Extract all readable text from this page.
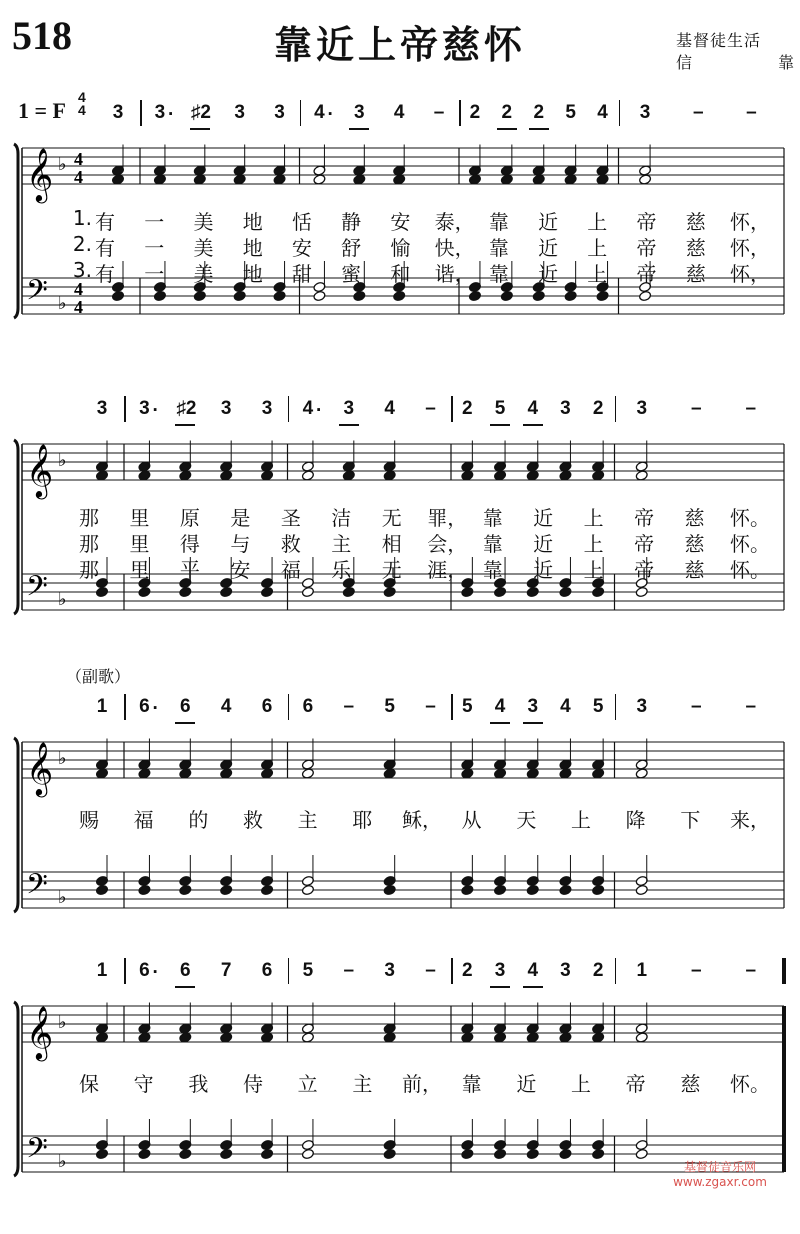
518	靠近上帝慈怀	基督徒生活
信	靠
1 = F
4
4
（副歌）
3 3 · ♯2 3 3 4 · 3 4 – 2 2 2 5 4 3 – –
𝄞
𝄢
♭
♭
4
4
4
4
1. 有 一 美 地 恬 静 安 泰， 靠 近 上 帝 慈 怀，
2. 有 一 美 地 安 舒 愉 快， 靠 近 上 帝 慈 怀，
3. 有 一 美 地 甜 蜜 和 谐， 靠 近 上 帝 慈 怀，
3 3 · ♯2 3 3 4 · 3 4 – 2 5 4 3 2 3 – –
𝄞
𝄢
♭
♭
那 里 原 是 圣 洁 无 罪， 靠 近 上 帝 慈 怀。
那 里 得 与 救 主 相 会， 靠 近 上 帝 慈 怀。
那 里 平 安 福 乐 无 涯， 靠 近 上 帝 慈 怀。
1 6 · 6 4 6 6 – 5 – 5 4 3 4 5 3 – –
𝄞
𝄢
♭
♭
赐 福 的 救 主 耶 稣， 从 天 上 降 下 来，
1 6 · 6 7 6 5 – 3 – 2 3 4 3 2 1 – –
𝄞
𝄢
♭
♭
保 守 我 侍 立 主 前， 靠 近 上 帝 慈 怀。
基督徒音乐网
www.zgaxr.com
